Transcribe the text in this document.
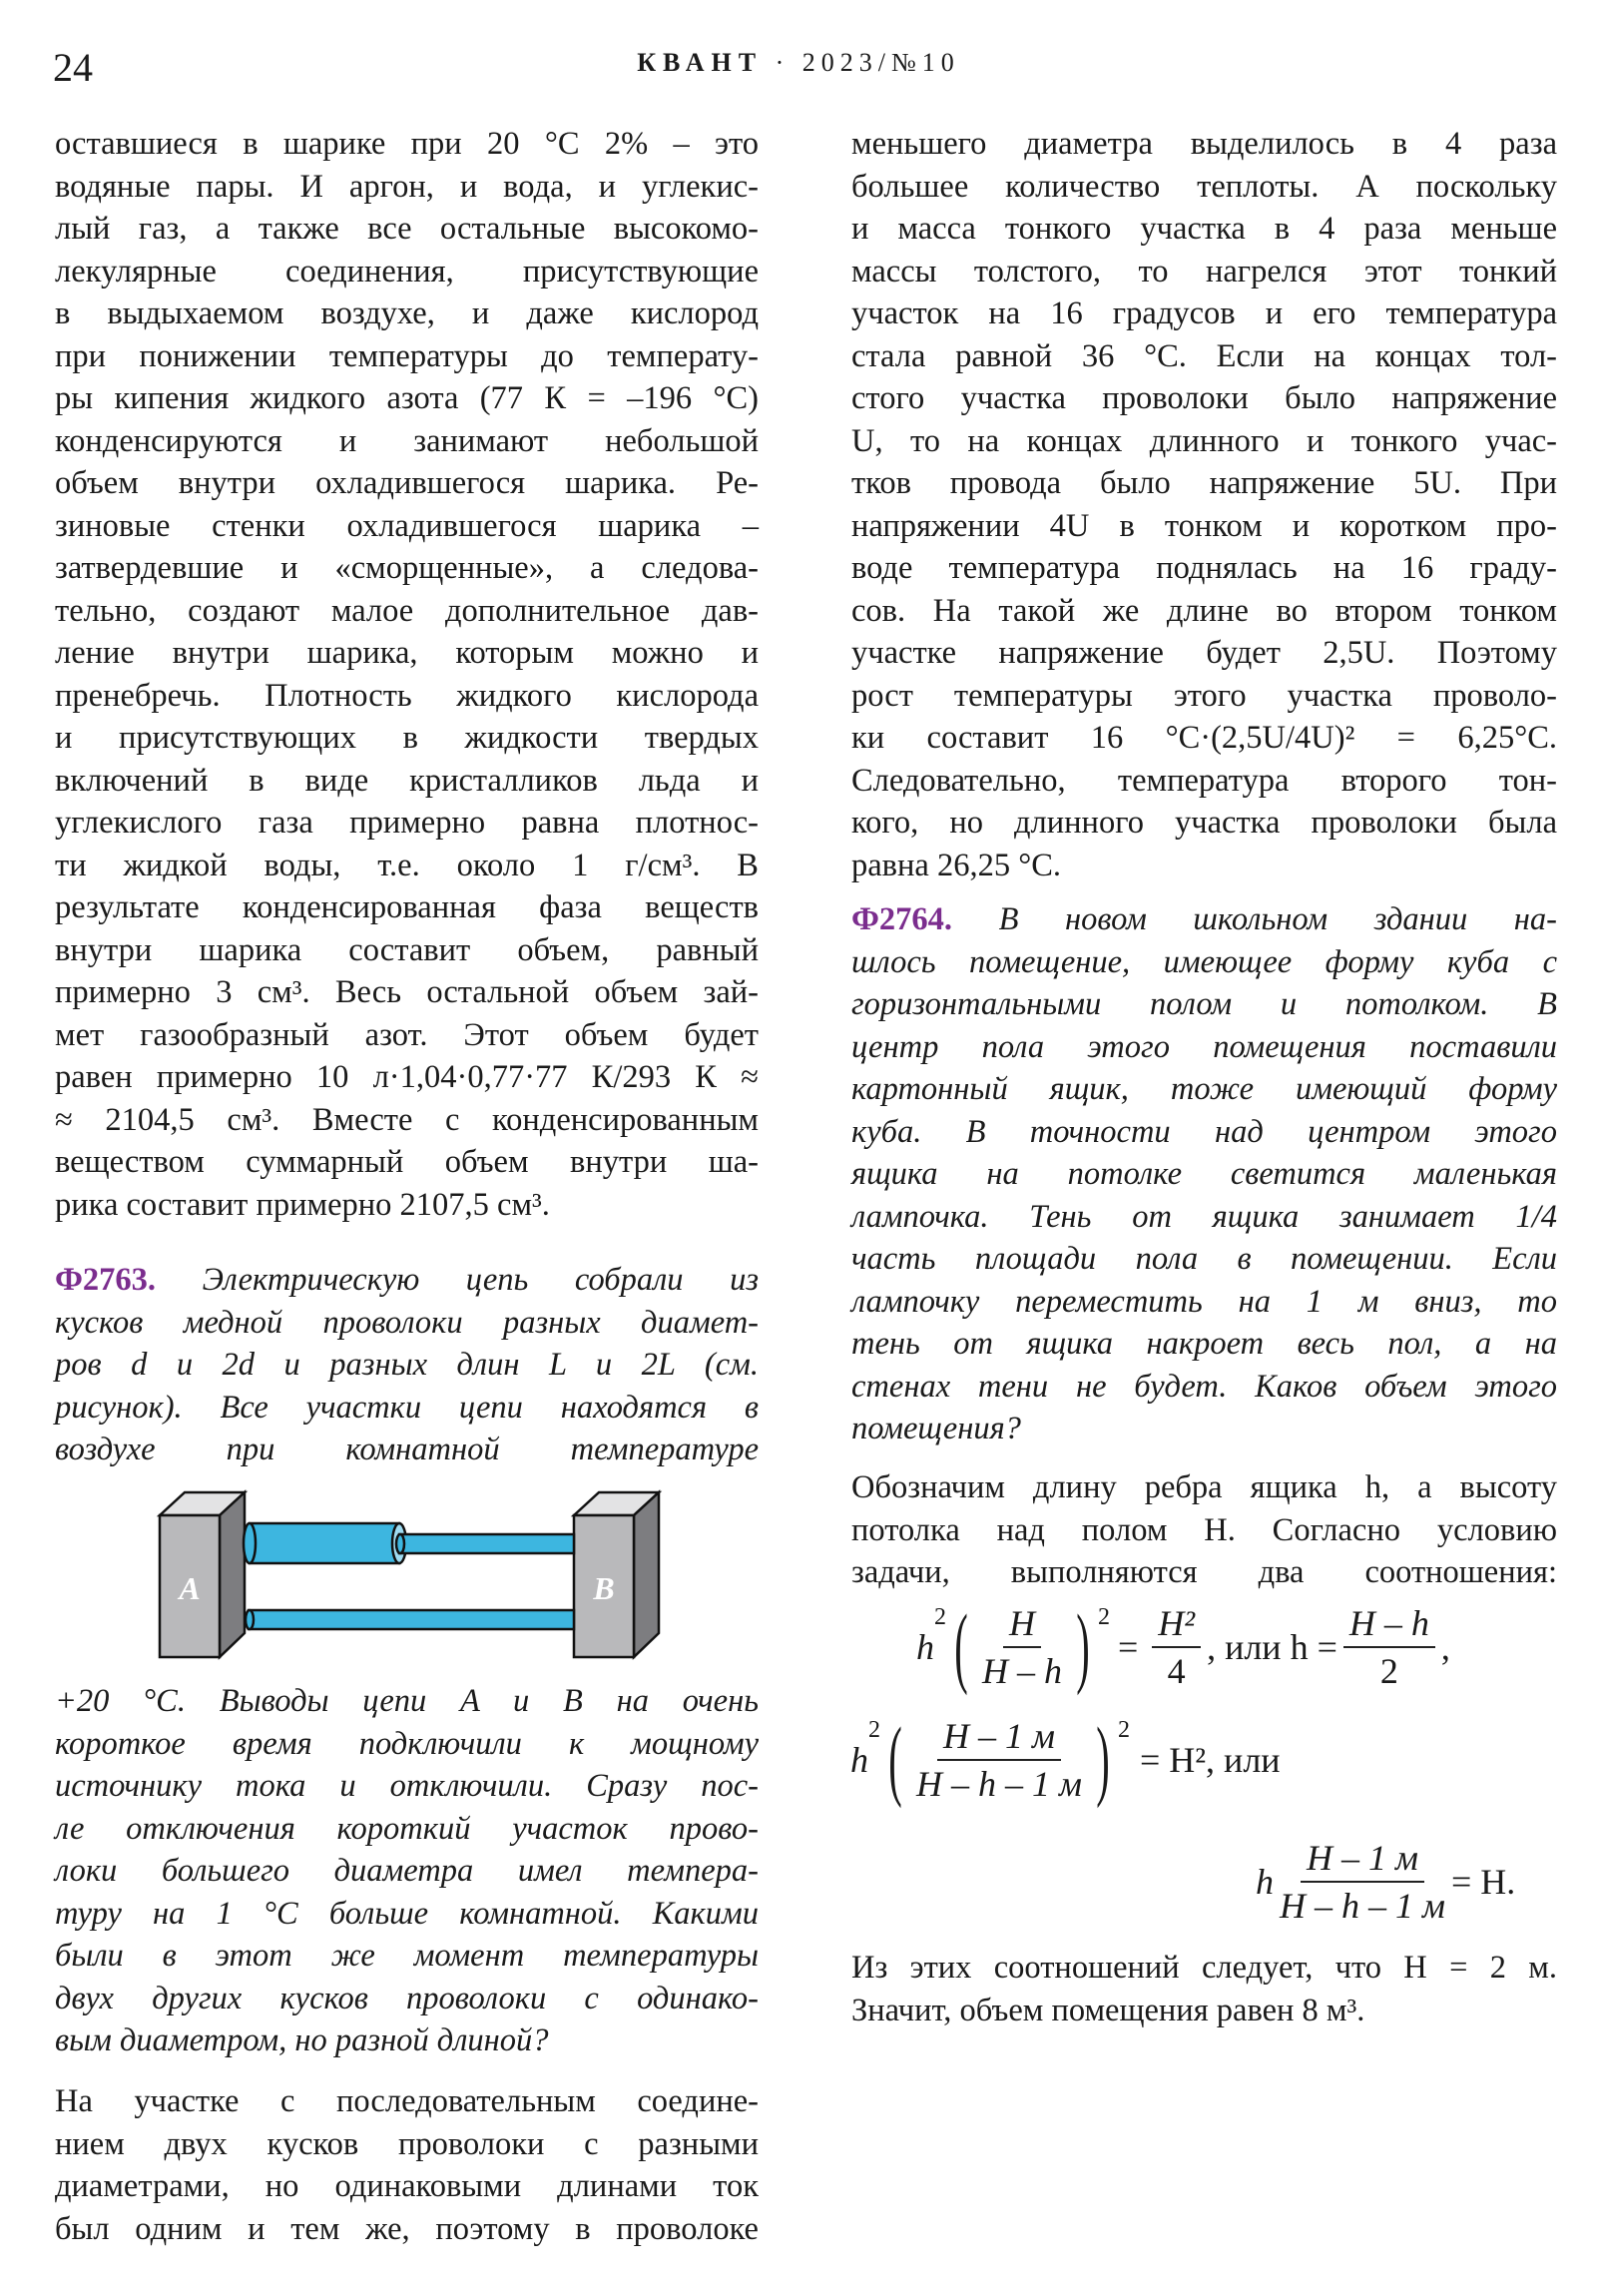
24	КВАНТ · 2023/№10
оставшиеся в шарике при 20 °С 2% – это
водяные пары. И аргон, и вода, и углекис-
лый газ, а также все остальные высокомо-
лекулярные соединения, присутствующие
в выдыхаемом воздухе, и даже кислород
при понижении температуры до температу-
ры кипения жидкого азота (77 К = –196 °С)
конденсируются и занимают небольшой
объем внутри охладившегося шарика. Ре-
зиновые стенки охладившегося шарика –
затвердевшие и «сморщенные», а следова-
тельно, создают малое дополнительное дав-
ление внутри шарика, которым можно и
пренебречь. Плотность жидкого кислорода
и присутствующих в жидкости твердых
включений в виде кристалликов льда и
углекислого газа примерно равна плотнос-
ти жидкой воды, т.е. около 1 г/см³. В
результате конденсированная фаза веществ
внутри шарика составит объем, равный
примерно 3 см³. Весь остальной объем зай-
мет газообразный азот. Этот объем будет
равен примерно 10 л·1,04·0,77·77 К/293 К ≈
≈ 2104,5 см³. Вместе с конденсированным
веществом суммарный объем внутри ша-
рика составит примерно 2107,5 см³.
Ф2763. Электрическую цепь собрали из
кусков медной проволоки разных диамет-
ров d и 2d и разных длин L и 2L (см.
рисунок). Все участки цепи находятся в
воздухе при комнатной температуре
A	B
+20 °С. Выводы цепи A и B на очень
короткое время подключили к мощному
источнику тока и отключили. Сразу пос-
ле отключения короткий участок прово-
локи большего диаметра имел темпера-
туру на 1 °С больше комнатной. Какими
были в этот же момент температуры
двух других кусков проволоки с одинако-
вым диаметром, но разной длиной?
На участке с последовательным соедине-
нием двух кусков проволоки с разными
диаметрами, но одинаковыми длинами ток
был одним и тем же, поэтому в проволоке
меньшего диаметра выделилось в 4 раза
большее количество теплоты. А поскольку
и масса тонкого участка в 4 раза меньше
массы толстого, то нагрелся этот тонкий
участок на 16 градусов и его температура
стала равной 36 °С. Если на концах тол-
стого участка проволоки было напряжение
U, то на концах длинного и тонкого учас-
тков провода было напряжение 5U. При
напряжении 4U в тонком и коротком про-
воде температура поднялась на 16 граду-
сов. На такой же длине во втором тонком
участке напряжение будет 2,5U. Поэтому
рост температуры этого участка проволо-
ки составит 16 °С·(2,5U/4U)² = 6,25°С.
Следовательно, температура второго тон-
кого, но длинного участка проволоки была
равна 26,25 °С.
Ф2764. В новом школьном здании на-
шлось помещение, имеющее форму куба с
горизонтальными полом и потолком. В
центр пола этого помещения поставили
картонный ящик, тоже имеющий форму
куба. В точности над центром этого
ящика на потолке светится маленькая
лампочка. Тень от ящика занимает 1/4
часть площади пола в помещении. Если
лампочку переместить на 1 м вниз, то
тень от ящика накроет весь пол, а на
стенах тени не будет. Каков объем этого
помещения?
Обозначим длину ребра ящика h, а высоту
потолка над полом H. Согласно условию
задачи, выполняются два соотношения:
h
2 ( $\frac{H}{H - h}$ ) 2
= $\frac{\text{H²}}{4}$ , или $h = \frac{H - h}{2}$ ,
h
2 ( $\frac{H - 1 м}{H - h - 1 м}$ ) 2
= H², или
h $\frac{H - 1 м}{H - h - 1 м} = H$.
Из этих соотношений следует, что H = 2 м.
Значит, объем помещения равен 8 м³.
